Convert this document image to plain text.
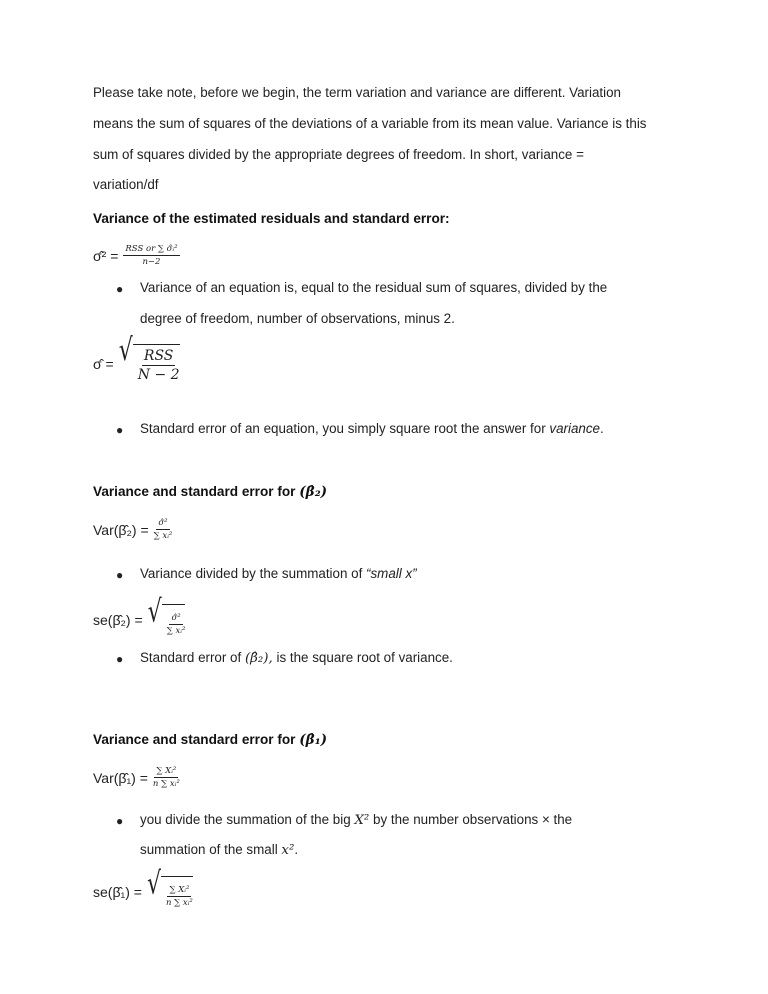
Please take note, before we begin, the term variation and variance are different. Variation
means the sum of squares of the deviations of a variable from its mean value. Variance is this
sum of squares divided by the appropriate degrees of freedom. In short, variance =
variation/df
Variance of the estimated residuals and standard error:
σ̂² = $\frac{\text{RSS or ∑ σ̂ᵢ²}}{n-2}$
● Variance of an equation is, equal to the residual sum of squares, divided by the
degree of freedom, number of observations, minus 2.
σ̂ = √ $\frac{\text{RSS}}{N - 2}$
● Standard error of an equation, you simply square root the answer for variance.
Variance and standard error for (β̂₂)
Var(β̂₂) = $\frac{\text{σ̂²}}{\text{∑ xᵢ²}}$
● Variance divided by the summation of “small x”
se(β̂₂) = √ $\frac{\text{σ̂²}}{\text{∑ xᵢ²}}$
● Standard error of (β̂₂), is the square root of variance.
Variance and standard error for (β̂₁)
Var(β̂₁) = $\frac{\text{∑ Xᵢ²}}{\text{n ∑ xᵢ²}}$
● you divide the summation of the big X² by the number observations × the
summation of the small x².
se(β̂₁) = √ $\frac{\text{∑ Xᵢ²}}{\text{n ∑ xᵢ²}}$
